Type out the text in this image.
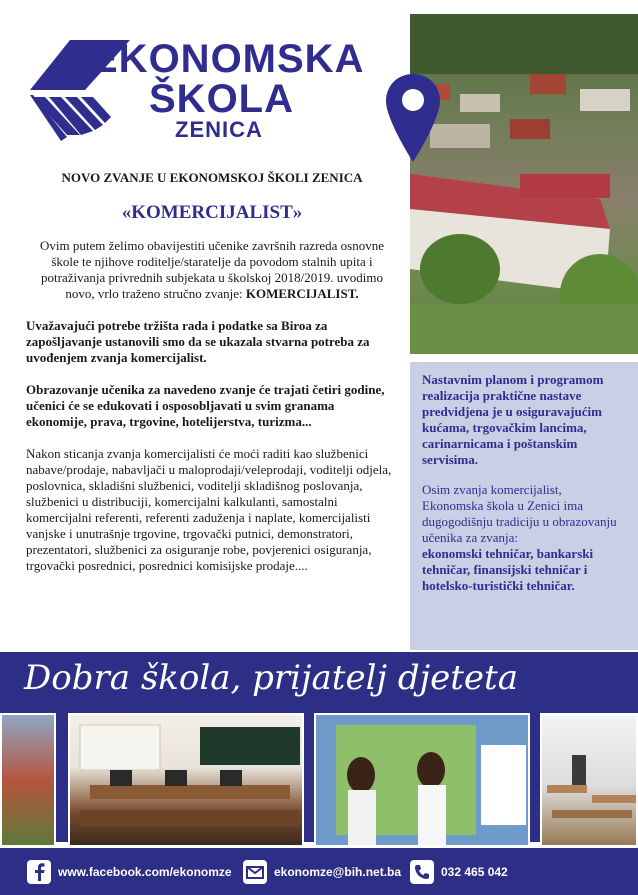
EKONOMSKA
ŠKOLA
ZENICA
NOVO ZVANJE U EKONOMSKOJ ŠKOLI ZENICA
«KOMERCIJALIST»

Ovim putem želimo obavijestiti učenike završnih razreda osnovne škole te njihove roditelje/staratelje da povodom stalnih upita i potraživanja privrednih subjekata u školskoj 2018/2019. uvodimo novo, vrlo traženo stručno zvanje: KOMERCIJALIST.

Uvažavajući potrebe tržišta rada i podatke sa Biroa za zapošljavanje ustanovili smo da se ukazala stvarna potreba za uvođenjem zvanja komercijalist.

Obrazovanje učenika za navedeno zvanje će trajati četiri godine, učenici će se edukovati i osposobljavati u svim granama ekonomije, prava, trgovine, hotelijerstva, turizma...

Nakon sticanja zvanja komercijalisti će moći raditi kao službenici nabave/prodaje, nabavljači u maloprodaji/veleprodaji, voditelji odjela, poslovnica, skladišni službenici, voditelji skladišnog poslovanja, službenici u distribuciji, komercijalni kalkulanti, samostalni komercijalni referenti, referenti zaduženja i naplate, komercijalisti vanjske i unutrašnje trgovine, trgovački putnici, demonstratori, prezentatori, službenici za osiguranje robe, povjerenici osiguranja, trgovački posrednici, posrednici komisijske prodaje....

Nastavnim planom i programom realizacija praktične nastave predvidjena je u osiguravajućim kućama, trgovačkim lancima, carinarnicama i poštanskim servisima.

Osim zvanja komercijalist, Ekonomska škola u Zenici ima dugogodišnju tradiciju u obrazovanju učenika za zvanja:

ekonomski tehničar, bankarski tehničar, finansijski tehničar i hotelsko-turistički tehničar.

Dobra škola, prijatelj djeteta
www.facebook.com/ekonomze	ekonomze@bih.net.ba	032 465 042
